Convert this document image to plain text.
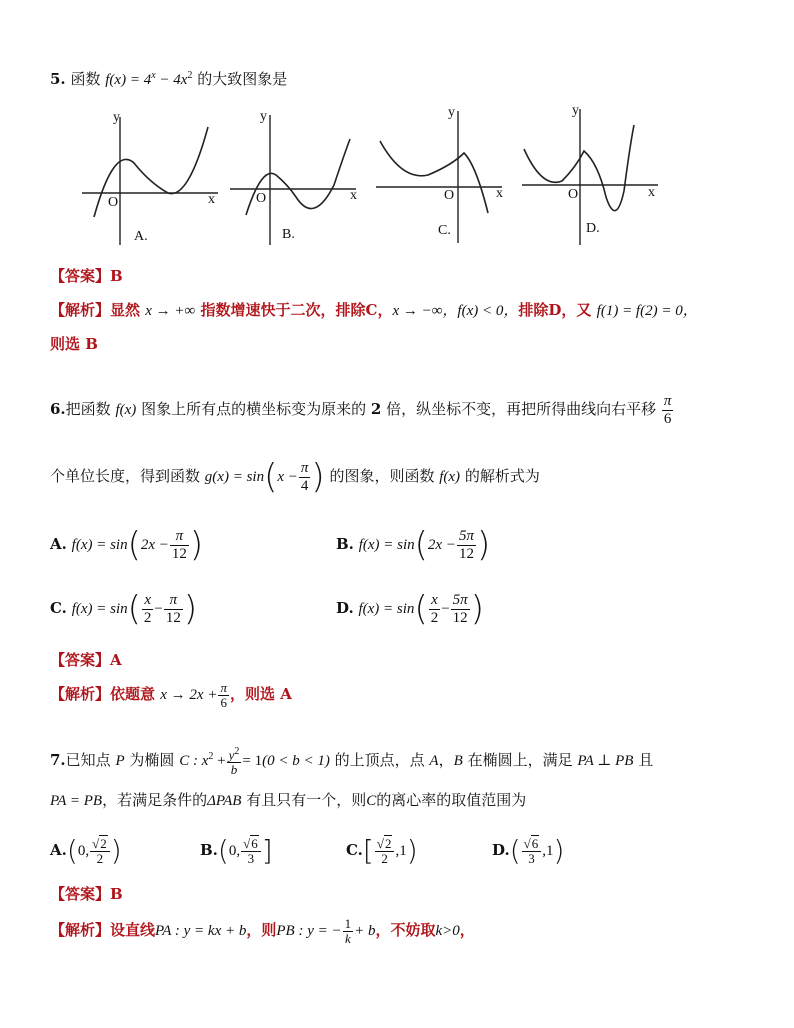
5. 函数 $f(x) = 4^x - 4x^2$ 的大致图象是
y
x
O
A.
y
x
O
B.
y
x
O
C.
y
x
O
D.
【答案】B
【解析】显然 x → +∞ 指数增速快于二次，排除C，x → −∞，f(x) < 0，排除D，又 f(1) = f(2) = 0，
则选 B
6.把函数 f(x) 图象上所有点的横坐标变为原来的 2 倍，纵坐标不变，再把所得曲线向右平移 $\frac{\pi}{6}$
个单位长度，得到函数 $g(x) = \sin(x - \frac{\pi}{4}$ ) 的图象，则函数 f(x) 的解析式为
A. $f(x) = \sin(2x - \frac{\pi}{12}$ )	B. $f(x) = \sin(2x - \frac{5\pi}{12}$ )
C. $f(x) = \sin( \frac{x}{2} - \frac{\pi}{12}$ )	D. $f(x) = \sin( \frac{x}{2} - \frac{5\pi}{12}$ )
【答案】A
【解析】依题意 $x \to 2x + \frac{\pi}{6}$ ，则选 A
7.已知点 P 为椭圆 C : $x^2 + \frac{y^2}{b} = 1(0 < b < 1)$ 的上顶点，点 A，B 在椭圆上，满足 PA ⊥ PB 且
PA = PB，若满足条件的ΔPAB 有且只有一个，则C的离心率的取值范围为
A.(0, $\frac{√2}{2}$ )	B.(0, $\frac{√6}{3}$ ]	$C.[ \frac{√2}{2} ,1)$	$D.( \frac{√6}{3} ,1)$
【答案】B
【解析】设直线PA : y = kx + b，则PB : y = − $\frac{1}{k} + b$，不妨取k>0，
